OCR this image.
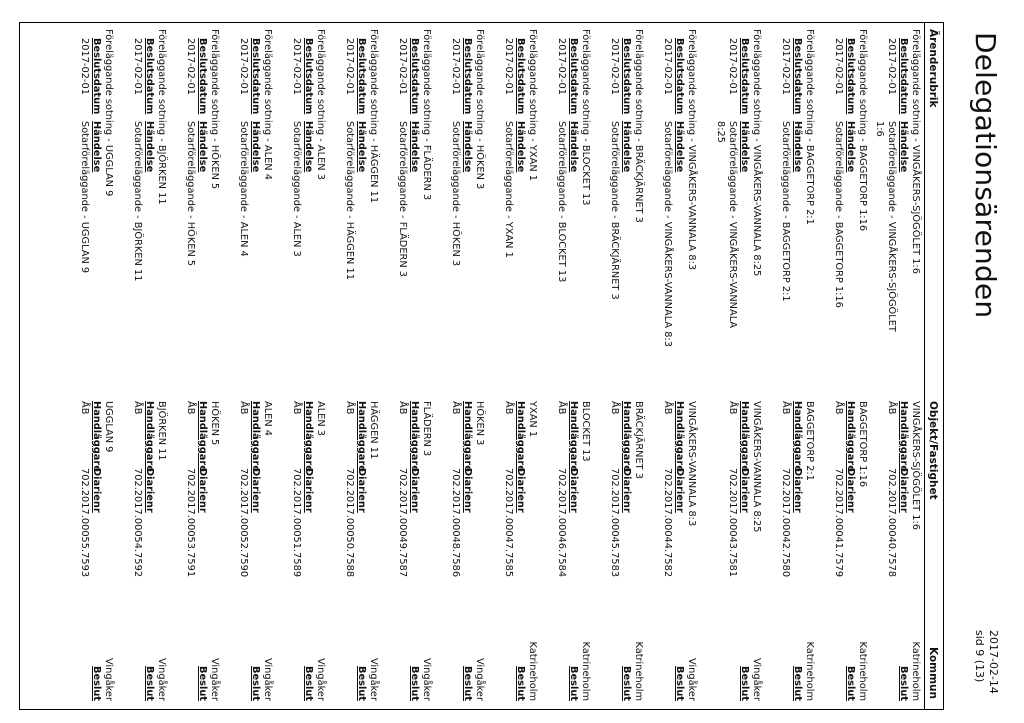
Delegationsärenden
2017-02-14
sid 9 (13)
Ärenderubrik
Objekt/Fastighet
Kommun
Föreläggande sotning - VINGÅKERS-SJÖGÖLET 1:6
VINGÅKERS-SJÖGÖLET 1:6
Katrineholm
Beslutsdatum
Händelse
Handläggare
Diarienr
Beslut
2017-02-01
Sotarföreläggande - VINGÅKERS-SJÖGÖLET
1:6
ÅB
702.2017.00040.7578
Föreläggande sotning - BAGGETORP 1:16
BAGGETORP 1:16
Katrineholm
Beslutsdatum
Händelse
Handläggare
Diarienr
Beslut
2017-02-01
Sotarföreläggande - BAGGETORP 1:16
ÅB
702.2017.00041.7579
Föreläggande sotning - BAGGETORP 2:1
BAGGETORP 2:1
Katrineholm
Beslutsdatum
Händelse
Handläggare
Diarienr
Beslut
2017-02-01
Sotarföreläggande - BAGGETORP 2:1
ÅB
702.2017.00042.7580
Föreläggande sotning - VINGÅKERS-VANNALA 8:25
VINGÅKERS-VANNALA 8:25
Vingåker
Beslutsdatum
Händelse
Handläggare
Diarienr
Beslut
2017-02-01
Sotarföreläggande - VINGÅKERS-VANNALA
8:25
ÅB
702.2017.00043.7581
Föreläggande sotning - VINGÅKERS-VANNALA 8:3
VINGÅKERS-VANNALA 8:3
Vingåker
Beslutsdatum
Händelse
Handläggare
Diarienr
Beslut
2017-02-01
Sotarföreläggande - VINGÅKERS-VANNALA 8:3
ÅB
702.2017.00044.7582
Föreläggande sotning - BRÄCKJÄRNET 3
BRÄCKJÄRNET 3
Katrineholm
Beslutsdatum
Händelse
Handläggare
Diarienr
Beslut
2017-02-01
Sotarföreläggande - BRÄCKJÄRNET 3
ÅB
702.2017.00045.7583
Föreläggande sotning - BLOCKET 13
BLOCKET 13
Katrineholm
Beslutsdatum
Händelse
Handläggare
Diarienr
Beslut
2017-02-01
Sotarföreläggande - BLOCKET 13
ÅB
702.2017.00046.7584
Föreläggande sotning - YXAN 1
YXAN 1
Katrineholm
Beslutsdatum
Händelse
Handläggare
Diarienr
Beslut
2017-02-01
Sotarföreläggande - YXAN 1
ÅB
702.2017.00047.7585
Föreläggande sotning - HÖKEN 3
HÖKEN 3
Vingåker
Beslutsdatum
Händelse
Handläggare
Diarienr
Beslut
2017-02-01
Sotarföreläggande - HÖKEN 3
ÅB
702.2017.00048.7586
Föreläggande sotning - FLÄDERN 3
FLÄDERN 3
Vingåker
Beslutsdatum
Händelse
Handläggare
Diarienr
Beslut
2017-02-01
Sotarföreläggande - FLÄDERN 3
ÅB
702.2017.00049.7587
Föreläggande sotning - HÄGGEN 11
HÄGGEN 11
Vingåker
Beslutsdatum
Händelse
Handläggare
Diarienr
Beslut
2017-02-01
Sotarföreläggande - HÄGGEN 11
ÅB
702.2017.00050.7588
Föreläggande sotning - ALEN 3
ALEN 3
Vingåker
Beslutsdatum
Händelse
Handläggare
Diarienr
Beslut
2017-02-01
Sotarföreläggande - ALEN 3
ÅB
702.2017.00051.7589
Föreläggande sotning - ALEN 4
ALEN 4
Vingåker
Beslutsdatum
Händelse
Handläggare
Diarienr
Beslut
2017-02-01
Sotarföreläggande - ALEN 4
ÅB
702.2017.00052.7590
Föreläggande sotning - HÖKEN 5
HÖKEN 5
Vingåker
Beslutsdatum
Händelse
Handläggare
Diarienr
Beslut
2017-02-01
Sotarföreläggande - HÖKEN 5
ÅB
702.2017.00053.7591
Föreläggande sotning - BJÖRKEN 11
BJÖRKEN 11
Vingåker
Beslutsdatum
Händelse
Handläggare
Diarienr
Beslut
2017-02-01
Sotarföreläggande - BJÖRKEN 11
ÅB
702.2017.00054.7592
Föreläggande sotning - UGGLAN 9
UGGLAN 9
Vingåker
Beslutsdatum
Händelse
Handläggare
Diarienr
Beslut
2017-02-01
Sotarföreläggande - UGGLAN 9
ÅB
702.2017.00055.7593
